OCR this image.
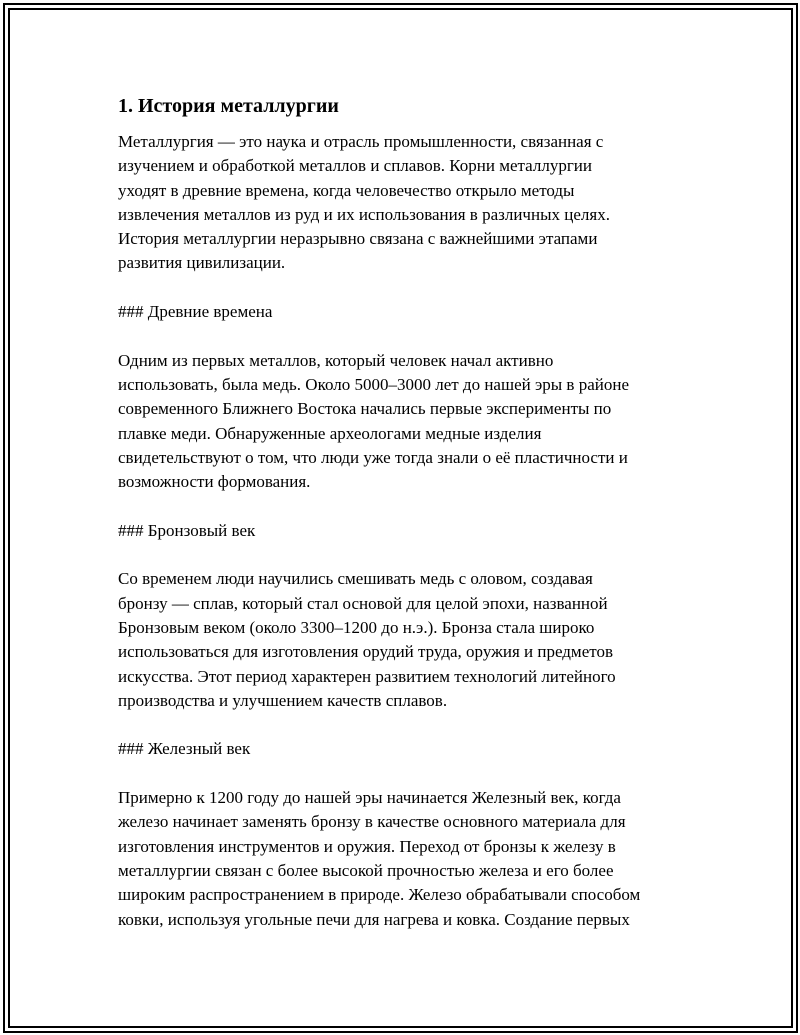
1. История металлургии

Металлургия — это наука и отрасль промышленности, связанная с
изучением и обработкой металлов и сплавов. Корни металлургии
уходят в древние времена, когда человечество открыло методы
извлечения металлов из руд и их использования в различных целях.
История металлургии неразрывно связана с важнейшими этапами
развития цивилизации.

### Древние времена

Одним из первых металлов, который человек начал активно
использовать, была медь. Около 5000–3000 лет до нашей эры в районе
современного Ближнего Востока начались первые эксперименты по
плавке меди. Обнаруженные археологами медные изделия
свидетельствуют о том, что люди уже тогда знали о её пластичности и
возможности формования.

### Бронзовый век

Со временем люди научились смешивать медь с оловом, создавая
бронзу — сплав, который стал основой для целой эпохи, названной
Бронзовым веком (около 3300–1200 до н.э.). Бронза стала широко
использоваться для изготовления орудий труда, оружия и предметов
искусства. Этот период характерен развитием технологий литейного
производства и улучшением качеств сплавов.

### Железный век

Примерно к 1200 году до нашей эры начинается Железный век, когда
железо начинает заменять бронзу в качестве основного материала для
изготовления инструментов и оружия. Переход от бронзы к железу в
металлургии связан с более высокой прочностью железа и его более
широким распространением в природе. Железо обрабатывали способом
ковки, используя угольные печи для нагрева и ковка. Создание первых
